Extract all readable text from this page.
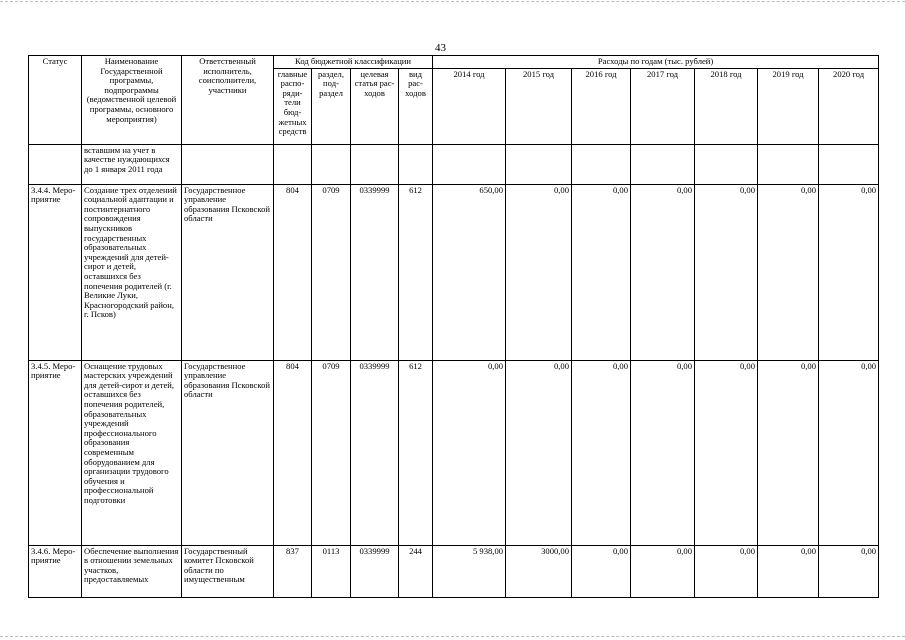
43
Статус	Наименование Государственной программы, подпрограммы (ведомственной целевой программы, основного мероприятия)	Ответственный исполнитель, соисполнители, участники	Код бюджетной классификации				Расходы по годам (тыс. рублей)						
			главные распо-ряди-тели бюд-жетных средств	раздел, под-раздел	целевая статья рас-ходов	вид рас-ходов	2014 год	2015 год	2016 год	2017 год	2018 год	2019 год	2020 год
	вставшим на учет в качестве нуждающихся до 1 января 2011 года												
3.4.4. Меро-приятие	Создание трех отделений социальной адаптации и постинтернатного сопровождения выпускников государственных образовательных учреждений для детей-сирот и детей, оставшихся без попечения родителей (г. Великие Луки, Красногородский район, г. Псков)	Государственное управление образования Псковской области	804	0709	0339999	612	650,00	0,00	0,00	0,00	0,00	0,00	0,00
3.4.5. Меро-приятие	Оснащение трудовых мастерских учреждений для детей-сирот и детей, оставшихся без попечения родителей, образовательных учреждений профессионального образования современным оборудованием для организации трудового обучения и профессиональной подготовки	Государственное управление образования Псковской области	804	0709	0339999	612	0,00	0,00	0,00	0,00	0,00	0,00	0,00
3.4.6. Меро-приятие	Обеспечение выполнения в отношении земельных участков, предоставляемых	Государственный комитет Псковской области по имущественным	837	0113	0339999	244	5 938,00	3000,00	0,00	0,00	0,00	0,00	0,00
